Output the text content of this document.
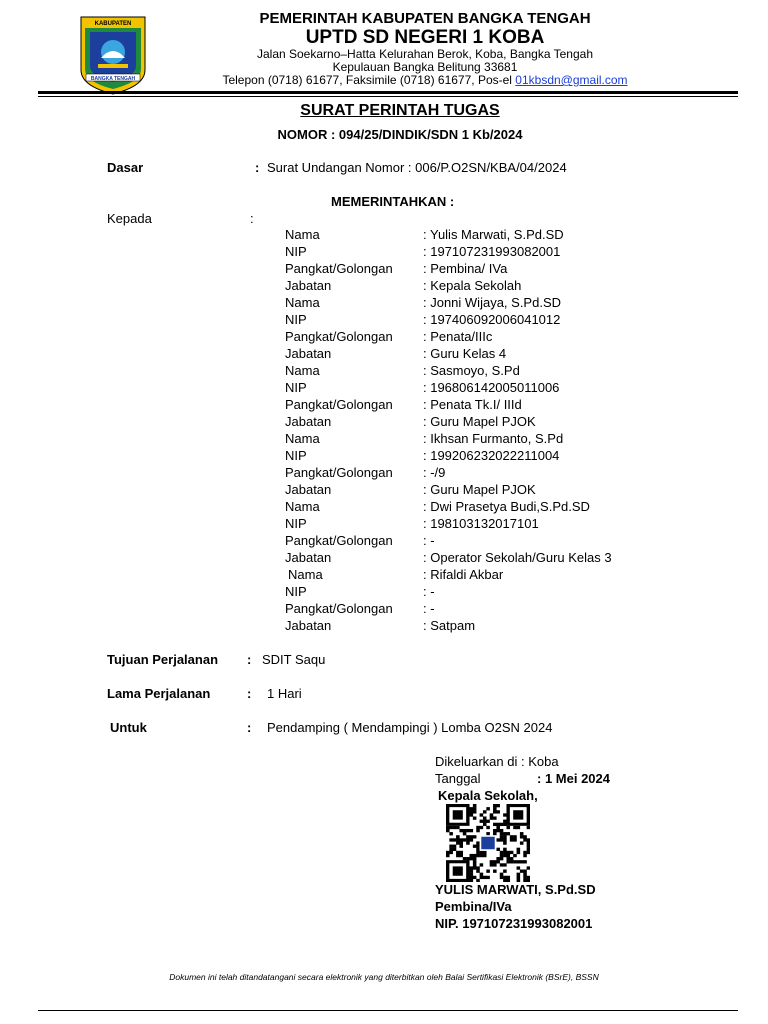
KABUPATEN
BANGKA TENGAH
PEMERINTAH KABUPATEN BANGKA TENGAH
UPTD SD NEGERI 1 KOBA
Jalan Soekarno–Hatta Kelurahan Berok, Koba, Bangka Tengah
Kepulauan Bangka Belitung 33681
Telepon (0718) 61677, Faksimile (0718) 61677, Pos-el 01kbsdn@gmail.com
SURAT PERINTAH TUGAS
NOMOR : 094/25/DINDIK/SDN 1 Kb/2024
Dasar	: Surat Undangan Nomor : 006/P.O2SN/KBA/04/2024
MEMERINTAHKAN :
Kepada	:
Nama	: Yulis Marwati, S.Pd.SD
NIP	: 197107231993082001
Pangkat/Golongan : Pembina/ IVa
Jabatan	: Kepala Sekolah
Nama	: Jonni Wijaya, S.Pd.SD
NIP	: 197406092006041012
Pangkat/Golongan : Penata/IIIc
Jabatan	: Guru Kelas 4
Nama	: Sasmoyo, S.Pd
NIP	: 196806142005011006
Pangkat/Golongan : Penata Tk.I/ IIId
Jabatan	: Guru Mapel PJOK
Nama	: Ikhsan Furmanto, S.Pd
NIP	: 199206232022211004
Pangkat/Golongan : -/9
Jabatan	: Guru Mapel PJOK
Nama	: Dwi Prasetya Budi,S.Pd.SD
NIP	: 198103132017101
Pangkat/Golongan : -
Jabatan	: Operator Sekolah/Guru Kelas 3
Nama	: Rifaldi Akbar
NIP	: -
Pangkat/Golongan : -
Jabatan	: Satpam
Tujuan Perjalanan : SDIT Saqu
Lama Perjalanan	: 1 Hari
Untuk	: Pendamping ( Mendampingi ) Lomba O2SN 2024
Dikeluarkan di : Koba
Tanggal	: 1 Mei 2024
Kepala Sekolah,
YULIS MARWATI, S.Pd.SD
Pembina/IVa
NIP. 197107231993082001
Dokumen ini telah ditandatangani secara elektronik yang diterbitkan oleh Balai Sertifikasi Elektronik (BSrE), BSSN
